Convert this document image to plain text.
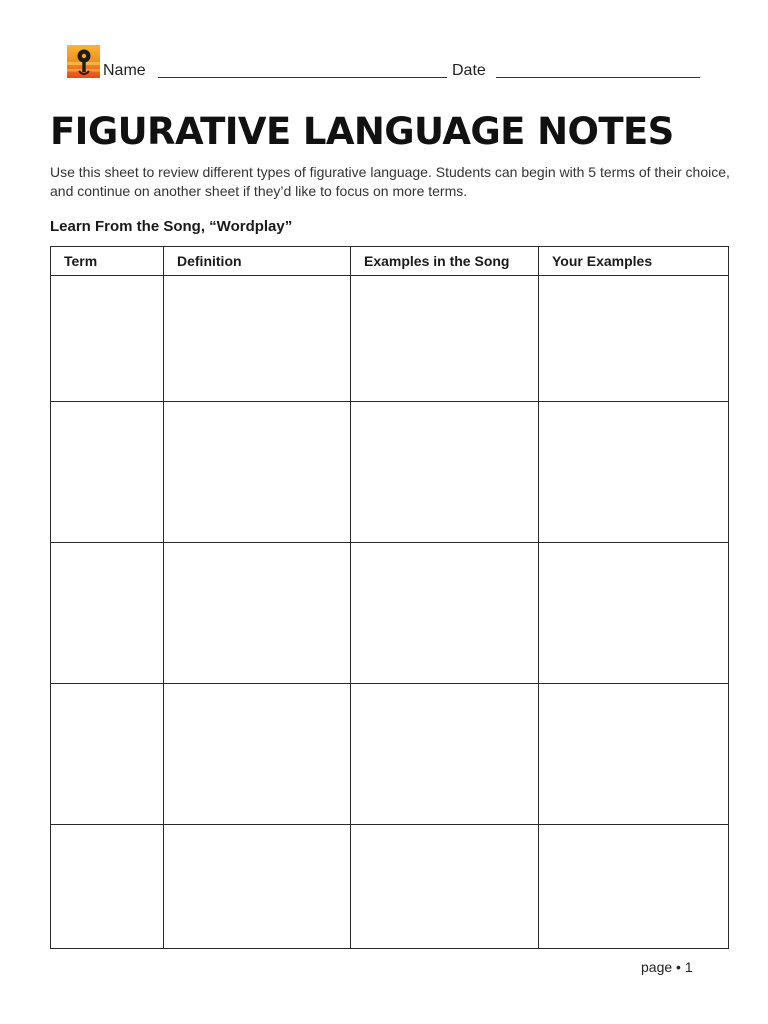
Name	Date
FIGURATIVE LANGUAGE NOTES

Use this sheet to review different types of figurative language. Students can begin with 5 terms of their choice, and continue on another sheet if they’d like to focus on more terms.

Learn From the Song, “Wordplay”
Term	Definition	Examples in the Song	Your Examples

page • 1
